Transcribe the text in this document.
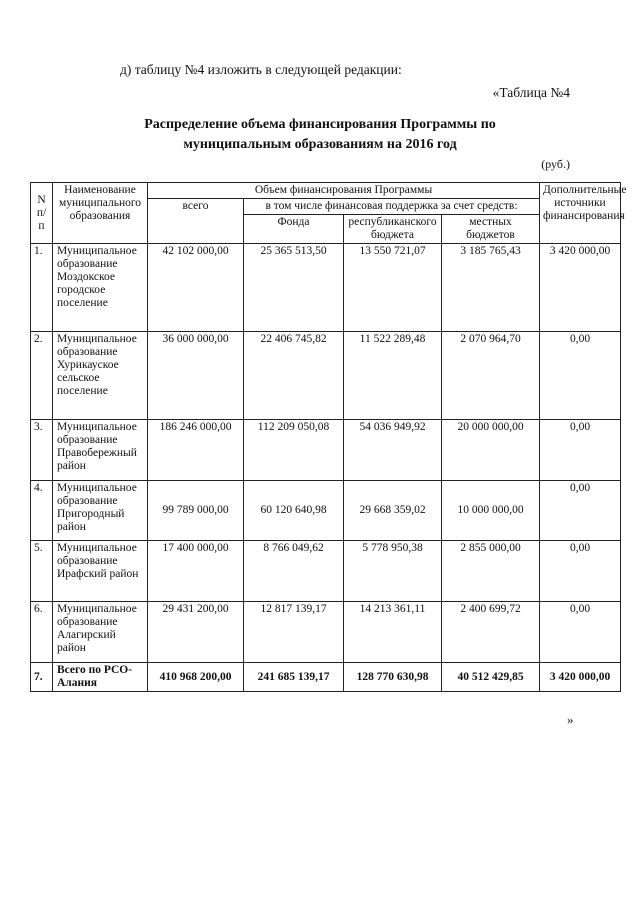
д) таблицу №4 изложить в следующей редакции:
«Таблица №4
Распределение объема финансирования Программы по
муниципальным образованиям на 2016 год
(руб.)
N п/ п	Наименование муниципального образования	Объем финансирования Программы				Дополнительные источники финансирования
		всего	в том числе финансовая поддержка за счет средств:			
			Фонда	республиканского бюджета	местных бюджетов	
1.	Муниципальное образование Моздокское городское поселение	42 102 000,00	25 365 513,50	13 550 721,07	3 185 765,43	3 420 000,00
2.	Муниципальное образование Хурикауское сельское поселение	36 000 000,00	22 406 745,82	11 522 289,48	2 070 964,70	0,00
3.	Муниципальное образование Правобережный район	186 246 000,00	112 209 050,08	54 036 949,92	20 000 000,00	0,00
4.	Муниципальное образование Пригородный район	99 789 000,00	60 120 640,98	29 668 359,02	10 000 000,00	0,00
5.	Муниципальное образование Ирафский район	17 400 000,00	8 766 049,62	5 778 950,38	2 855 000,00	0,00
6.	Муниципальное образование Алагирский район	29 431 200,00	12 817 139,17	14 213 361,11	2 400 699,72	0,00
7.	Всего по РСО-Алания	410 968 200,00	241 685 139,17	128 770 630,98	40 512 429,85	3 420 000,00
»
